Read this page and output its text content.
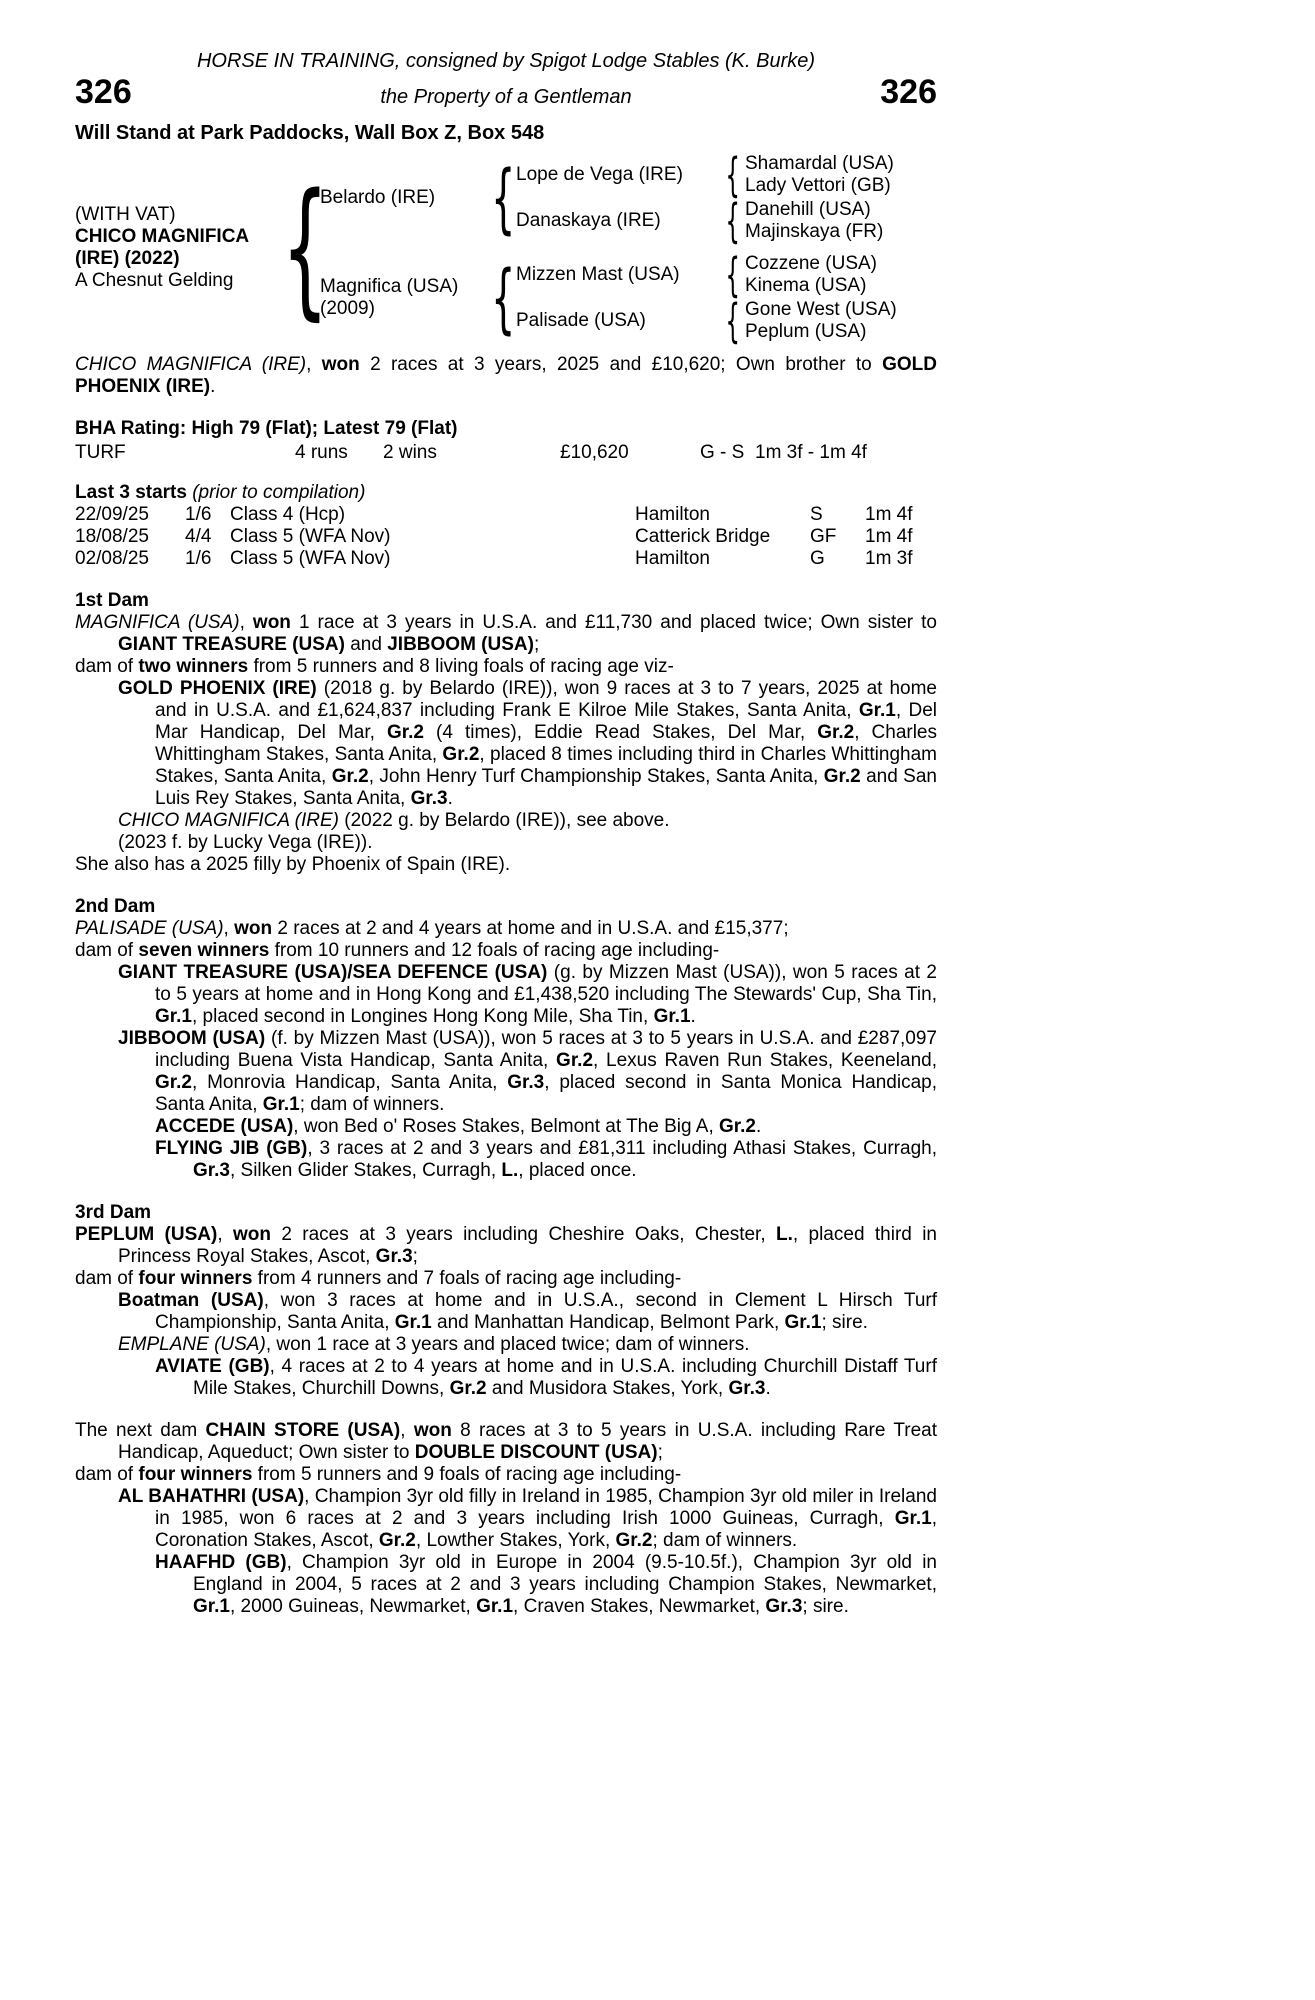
HORSE IN TRAINING, consigned by Spigot Lodge Stables (K. Burke)
326	the Property of a Gentleman	326
Will Stand at Park Paddocks, Wall Box Z, Box 548
(WITH VAT)
CHICO MAGNIFICA
(IRE) (2022)
A Chesnut Gelding {
Belardo (IRE) { Lope de Vega (IRE) { Shamardal (USA)
Lady Vettori (GB)
Danaskaya (IRE)	{ Danehill (USA)
Majinskaya (FR)
Magnifica (USA)
(2009)	{ Mizzen Mast (USA)	{ Cozzene (USA)
Kinema (USA)
Palisade (USA)	{ Gone West (USA)
Peplum (USA)

CHICO MAGNIFICA (IRE), won 2 races at 3 years, 2025 and £10,620; Own brother to GOLD PHOENIX (IRE).

BHA Rating: High 79 (Flat); Latest 79 (Flat)
TURF	4 runs	2 wins	£10,620	G - S 1m 3f - 1m 4f
Last 3 starts (prior to compilation)
22/09/25	1/6 Class 4 (Hcp)	Hamilton	S	1m 4f
18/08/25	4/4 Class 5 (WFA Nov)	Catterick Bridge	GF	1m 4f
02/08/25	1/6 Class 5 (WFA Nov)	Hamilton	G	1m 3f
1st Dam

MAGNIFICA (USA), won 1 race at 3 years in U.S.A. and £11,730 and placed twice; Own sister to GIANT TREASURE (USA) and JIBBOOM (USA);

dam of two winners from 5 runners and 8 living foals of racing age viz-

GOLD PHOENIX (IRE) (2018 g. by Belardo (IRE)), won 9 races at 3 to 7 years, 2025 at home and in U.S.A. and £1,624,837 including Frank E Kilroe Mile Stakes, Santa Anita, Gr.1, Del Mar Handicap, Del Mar, Gr.2 (4 times), Eddie Read Stakes, Del Mar, Gr.2, Charles Whittingham Stakes, Santa Anita, Gr.2, placed 8 times including third in Charles Whittingham Stakes, Santa Anita, Gr.2, John Henry Turf Championship Stakes, Santa Anita, Gr.2 and San Luis Rey Stakes, Santa Anita, Gr.3.

CHICO MAGNIFICA (IRE) (2022 g. by Belardo (IRE)), see above.

(2023 f. by Lucky Vega (IRE)).

She also has a 2025 filly by Phoenix of Spain (IRE).

2nd Dam

PALISADE (USA), won 2 races at 2 and 4 years at home and in U.S.A. and £15,377;

dam of seven winners from 10 runners and 12 foals of racing age including-

GIANT TREASURE (USA)/SEA DEFENCE (USA) (g. by Mizzen Mast (USA)), won 5 races at 2 to 5 years at home and in Hong Kong and £1,438,520 including The Stewards' Cup, Sha Tin, Gr.1, placed second in Longines Hong Kong Mile, Sha Tin, Gr.1.

JIBBOOM (USA) (f. by Mizzen Mast (USA)), won 5 races at 3 to 5 years in U.S.A. and £287,097 including Buena Vista Handicap, Santa Anita, Gr.2, Lexus Raven Run Stakes, Keeneland, Gr.2, Monrovia Handicap, Santa Anita, Gr.3, placed second in Santa Monica Handicap, Santa Anita, Gr.1; dam of winners.

ACCEDE (USA), won Bed o' Roses Stakes, Belmont at The Big A, Gr.2.

FLYING JIB (GB), 3 races at 2 and 3 years and £81,311 including Athasi Stakes, Curragh, Gr.3, Silken Glider Stakes, Curragh, L., placed once.

3rd Dam

PEPLUM (USA), won 2 races at 3 years including Cheshire Oaks, Chester, L., placed third in Princess Royal Stakes, Ascot, Gr.3;

dam of four winners from 4 runners and 7 foals of racing age including-

Boatman (USA), won 3 races at home and in U.S.A., second in Clement L Hirsch Turf Championship, Santa Anita, Gr.1 and Manhattan Handicap, Belmont Park, Gr.1; sire.

EMPLANE (USA), won 1 race at 3 years and placed twice; dam of winners.

AVIATE (GB), 4 races at 2 to 4 years at home and in U.S.A. including Churchill Distaff Turf Mile Stakes, Churchill Downs, Gr.2 and Musidora Stakes, York, Gr.3.

The next dam CHAIN STORE (USA), won 8 races at 3 to 5 years in U.S.A. including Rare Treat Handicap, Aqueduct; Own sister to DOUBLE DISCOUNT (USA);

dam of four winners from 5 runners and 9 foals of racing age including-

AL BAHATHRI (USA), Champion 3yr old filly in Ireland in 1985, Champion 3yr old miler in Ireland in 1985, won 6 races at 2 and 3 years including Irish 1000 Guineas, Curragh, Gr.1, Coronation Stakes, Ascot, Gr.2, Lowther Stakes, York, Gr.2; dam of winners.

HAAFHD (GB), Champion 3yr old in Europe in 2004 (9.5-10.5f.), Champion 3yr old in England in 2004, 5 races at 2 and 3 years including Champion Stakes, Newmarket, Gr.1, 2000 Guineas, Newmarket, Gr.1, Craven Stakes, Newmarket, Gr.3; sire.
